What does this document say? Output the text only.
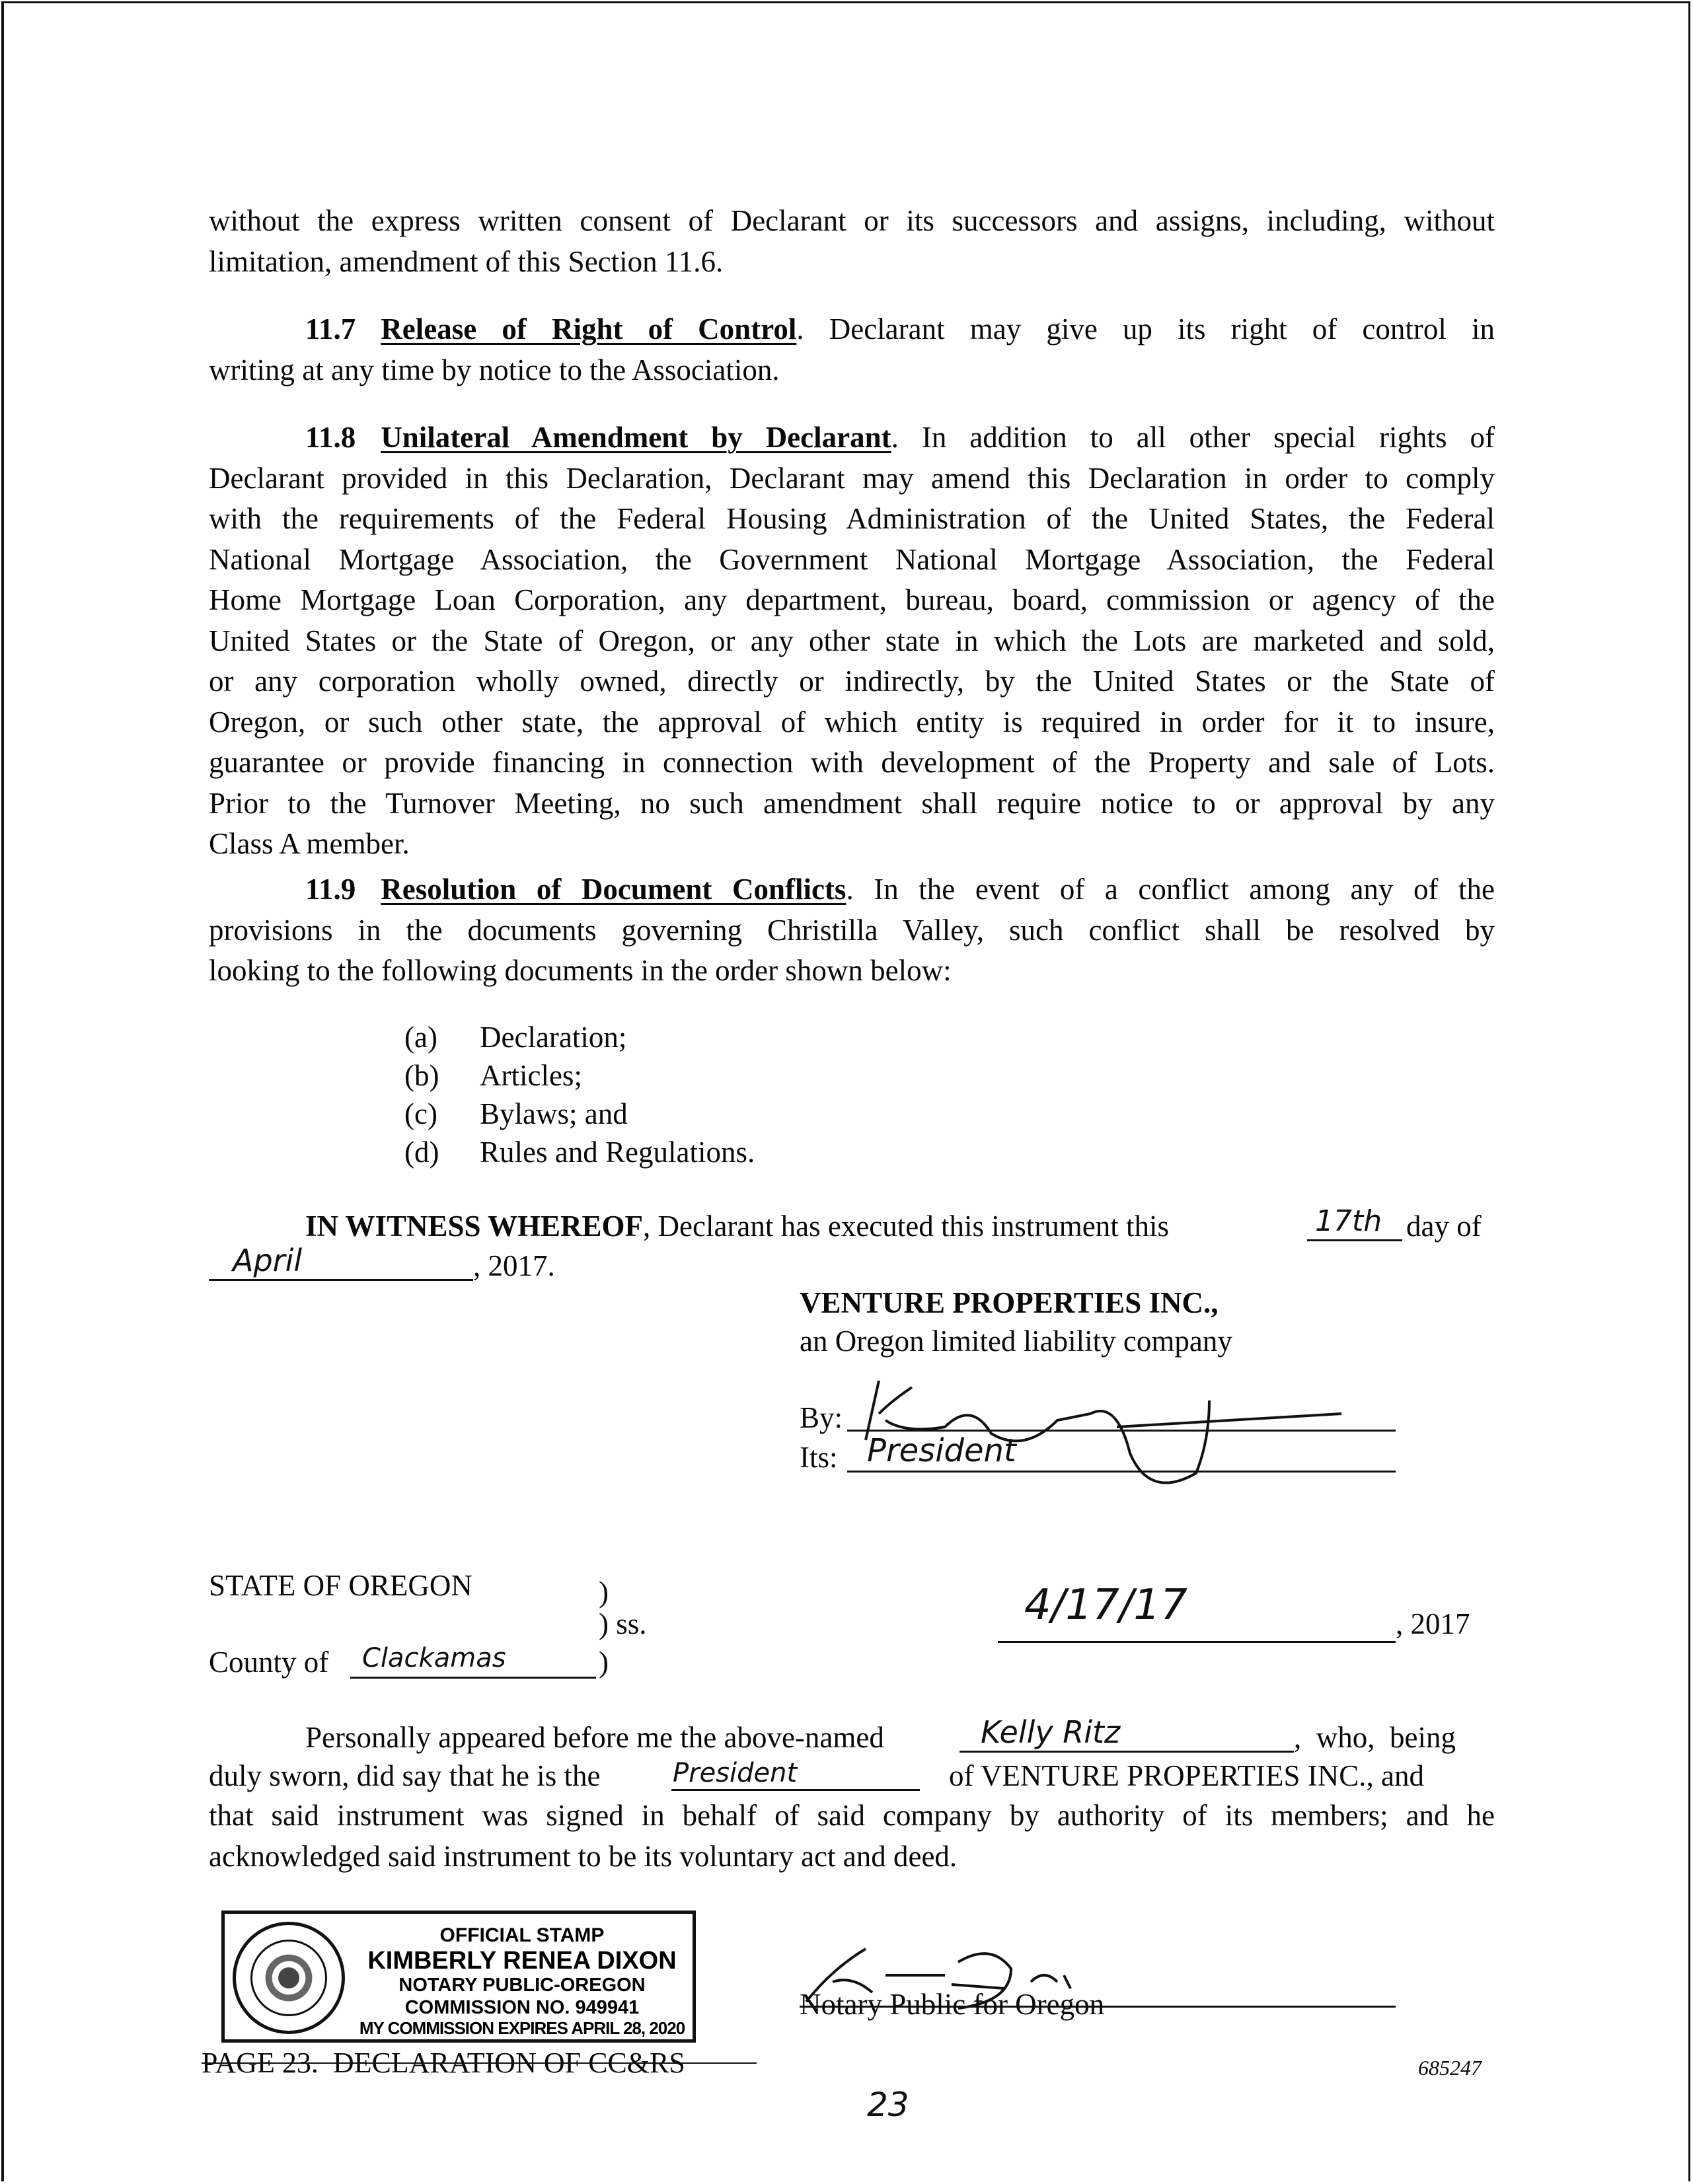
without the express written consent of Declarant or its successors and assigns, including, without
limitation, amendment of this Section 11.6.
11.7 Release of Right of Control. Declarant may give up its right of control in
writing at any time by notice to the Association.
11.8 Unilateral Amendment by Declarant. In addition to all other special rights of
Declarant provided in this Declaration, Declarant may amend this Declaration in order to comply
with the requirements of the Federal Housing Administration of the United States, the Federal
National Mortgage Association, the Government National Mortgage Association, the Federal
Home Mortgage Loan Corporation, any department, bureau, board, commission or agency of the
United States or the State of Oregon, or any other state in which the Lots are marketed and sold,
or any corporation wholly owned, directly or indirectly, by the United States or the State of
Oregon, or such other state, the approval of which entity is required in order for it to insure,
guarantee or provide financing in connection with development of the Property and sale of Lots.
Prior to the Turnover Meeting, no such amendment shall require notice to or approval by any
Class A member.
11.9 Resolution of Document Conflicts. In the event of a conflict among any of the
provisions in the documents governing Christilla Valley, such conflict shall be resolved by
looking to the following documents in the order shown below:
(a) Declaration;
(b) Articles;
(c) Bylaws; and
(d) Rules and Regulations.
IN WITNESS WHEREOF, Declarant has executed this instrument this	17th day of
April	, 2017.
VENTURE PROPERTIES INC.,
an Oregon limited liability company
By:
Its: President
STATE OF OREGON	)
) ss.
County of Clackamas	)
4/17/17	, 2017
Personally appeared before me the above-named	Kelly Ritz	,  who,  being
duly sworn, did say that he is the	President	of VENTURE PROPERTIES INC., and
that said instrument was signed in behalf of said company by authority of its members; and he
acknowledged said instrument to be its voluntary act and deed.
Notary Public for Oregon
OFFICIAL STAMP
KIMBERLY RENEA DIXON
NOTARY PUBLIC-OREGON
COMMISSION NO. 949941
MY COMMISSION EXPIRES APRIL 28, 2020
PAGE 23.  DECLARATION OF CC&RS	685247
23
